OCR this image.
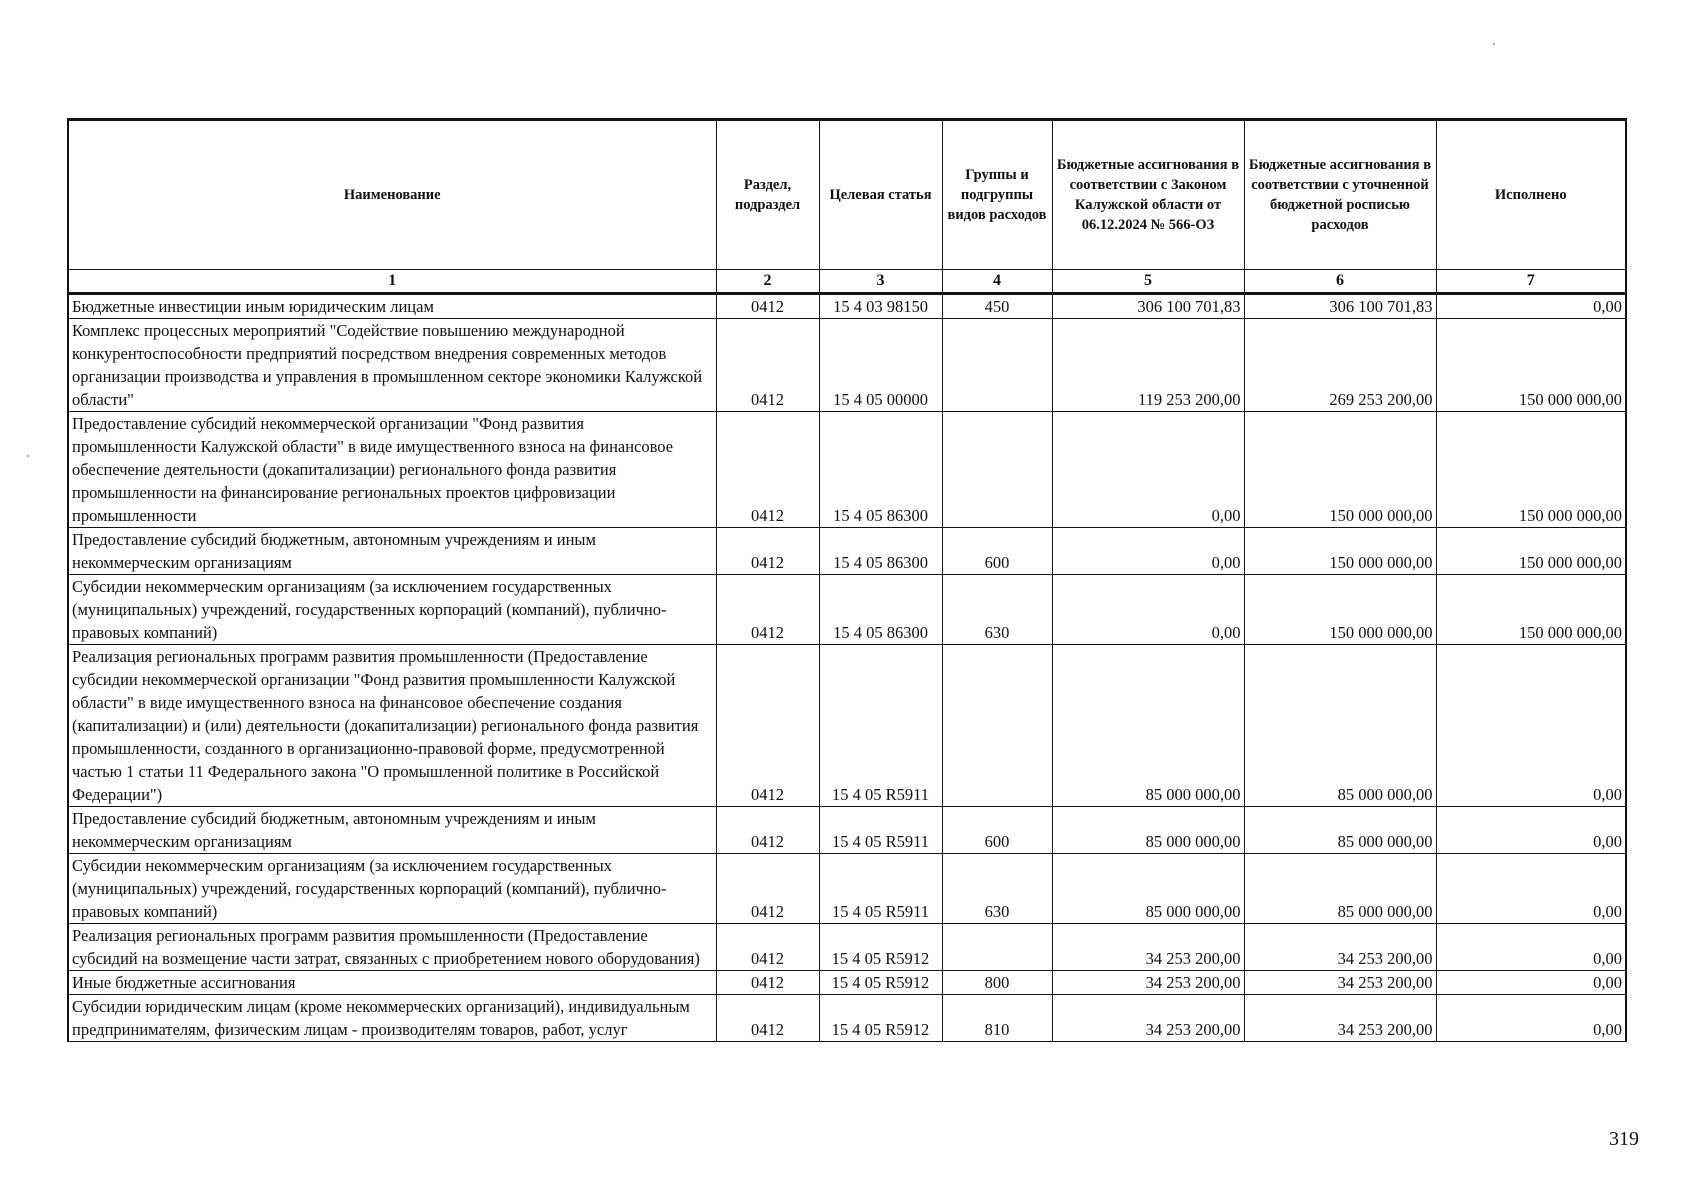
Наименование	Раздел, подраздел	Целевая статья	Группы и подгруппы видов расходов	Бюджетные ассигнования в соответствии с Законом Калужской области от 06.12.2024 № 566-ОЗ	Бюджетные ассигнования в соответствии с уточненной бюджетной росписью расходов	Исполнено
1	2	3	4	5	6	7
Бюджетные инвестиции иным юридическим лицам	0412	15 4 03 98150	450	306 100 701,83	306 100 701,83	0,00
Комплекс процессных мероприятий "Содействие повышению международной конкурентоспособности предприятий посредством внедрения современных методов организации производства и управления в промышленном секторе экономики Калужской области"	0412	15 4 05 00000		119 253 200,00	269 253 200,00	150 000 000,00
Предоставление субсидий некоммерческой организации "Фонд развития промышленности Калужской области" в виде имущественного взноса на финансовое обеспечение деятельности (докапитализации) регионального фонда развития промышленности на финансирование региональных проектов цифровизации промышленности	0412	15 4 05 86300		0,00	150 000 000,00	150 000 000,00
Предоставление субсидий бюджетным, автономным учреждениям и иным некоммерческим организациям	0412	15 4 05 86300	600	0,00	150 000 000,00	150 000 000,00
Субсидии некоммерческим организациям (за исключением государственных (муниципальных) учреждений, государственных корпораций (компаний), публично-правовых компаний)	0412	15 4 05 86300	630	0,00	150 000 000,00	150 000 000,00
Реализация региональных программ развития промышленности (Предоставление субсидии некоммерческой организации "Фонд развития промышленности Калужской области" в виде имущественного взноса на финансовое обеспечение создания (капитализации) и (или) деятельности (докапитализации) регионального фонда развития промышленности, созданного в организационно-правовой форме, предусмотренной частью 1 статьи 11 Федерального закона "О промышленной политике в Российской Федерации")	0412	15 4 05 R5911		85 000 000,00	85 000 000,00	0,00
Предоставление субсидий бюджетным, автономным учреждениям и иным некоммерческим организациям	0412	15 4 05 R5911	600	85 000 000,00	85 000 000,00	0,00
Субсидии некоммерческим организациям (за исключением государственных (муниципальных) учреждений, государственных корпораций (компаний), публично-правовых компаний)	0412	15 4 05 R5911	630	85 000 000,00	85 000 000,00	0,00
Реализация региональных программ развития промышленности (Предоставление субсидий на возмещение части затрат, связанных с приобретением нового оборудования)	0412	15 4 05 R5912		34 253 200,00	34 253 200,00	0,00
Иные бюджетные ассигнования	0412	15 4 05 R5912	800	34 253 200,00	34 253 200,00	0,00
Субсидии юридическим лицам (кроме некоммерческих организаций), индивидуальным предпринимателям, физическим лицам - производителям товаров, работ, услуг	0412	15 4 05 R5912	810	34 253 200,00	34 253 200,00	0,00
319
